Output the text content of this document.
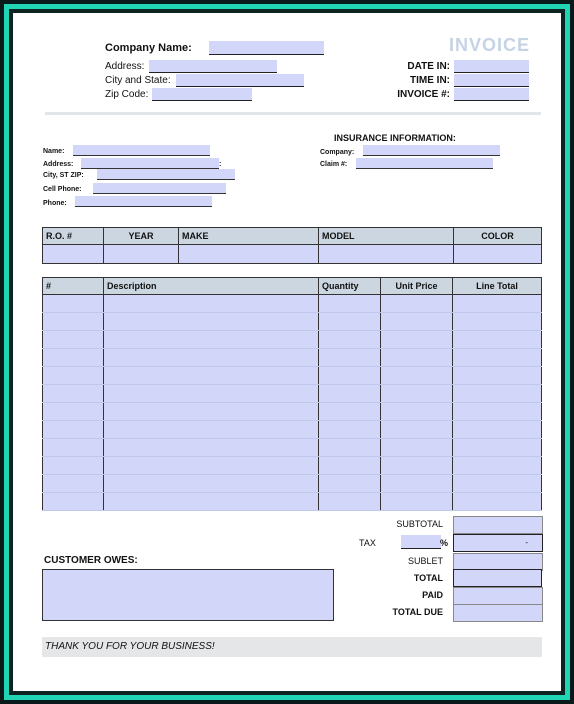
INVOICE
Company Name:
Address:
City and State:
Zip Code:
DATE IN:
TIME IN:
INVOICE #:
Name:
Address:	:
City, ST ZIP:
Cell Phone:
Phone:
INSURANCE INFORMATION:
Company:
Claim #:
R.O. #	YEAR	MAKE	MODEL	COLOR

#	Description	Quantity	Unit Price	Line Total

SUBTOTAL
TAX	%	-
SUBLET
TOTAL
PAID
TOTAL DUE
CUSTOMER OWES:
THANK YOU FOR YOUR BUSINESS!
